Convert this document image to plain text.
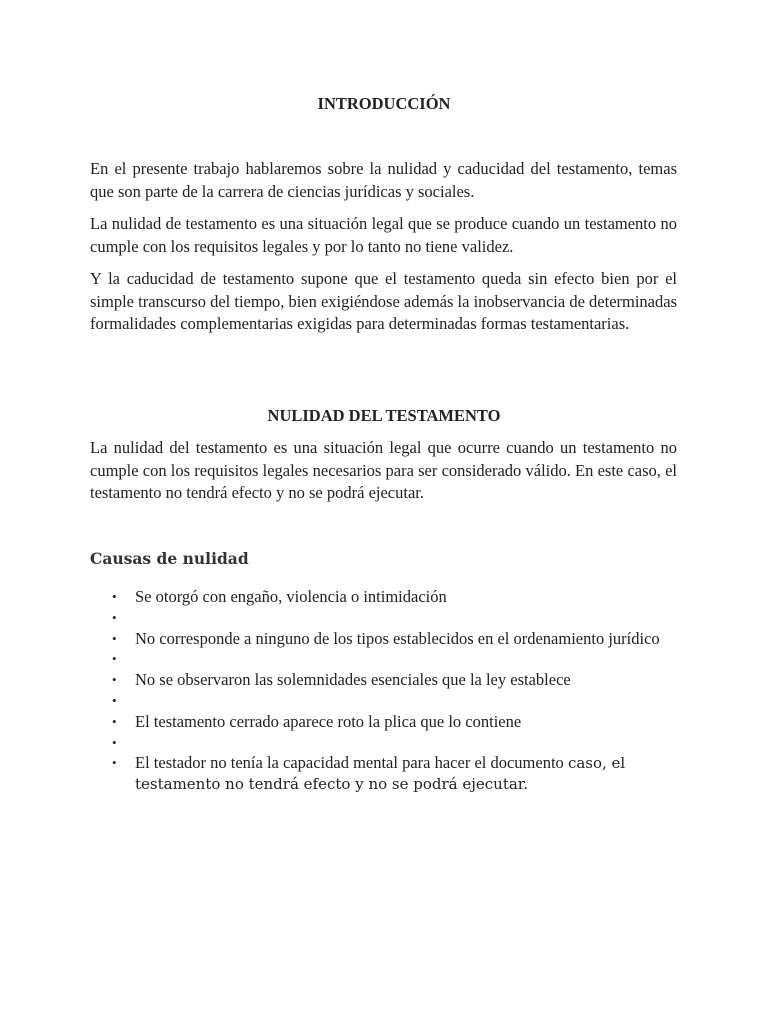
INTRODUCCIÓN

En el presente trabajo hablaremos sobre la nulidad y caducidad del testamento, temas que son parte de la carrera de ciencias jurídicas y sociales.

La nulidad de testamento es una situación legal que se produce cuando un testamento no cumple con los requisitos legales y por lo tanto no tiene validez.

Y la caducidad de testamento supone que el testamento queda sin efecto bien por el simple transcurso del tiempo, bien exigiéndose además la inobservancia de determinadas formalidades complementarias exigidas para determinadas formas testamentarias.

NULIDAD DEL TESTAMENTO

La nulidad del testamento es una situación legal que ocurre cuando un testamento no cumple con los requisitos legales necesarios para ser considerado válido. En este caso, el testamento no tendrá efecto y no se podrá ejecutar.

Causas de nulidad
• Se otorgó con engaño, violencia o intimidación
•
• No corresponde a ninguno de los tipos establecidos en el ordenamiento jurídico
•
• No se observaron las solemnidades esenciales que la ley establece
•
• El testamento cerrado aparece roto la plica que lo contiene
•
• El testador no tenía la capacidad mental para hacer el documento caso, el testamento no tendrá efecto y no se podrá ejecutar.
